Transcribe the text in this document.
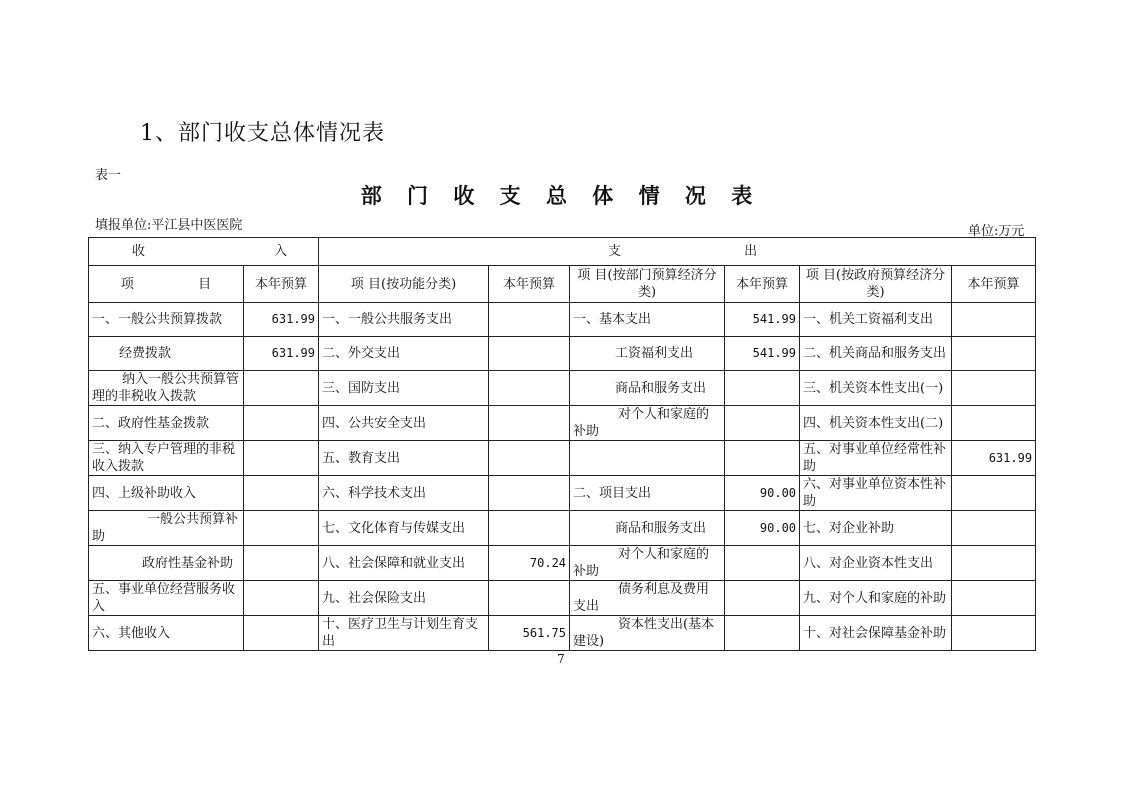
1、部门收支总体情况表
表一
部 门 收 支 总 体 情 况 表
填报单位:平江县中医医院	单位:万元
收 入		支 出					
项 目	本年预算	项 目(按功能分类)	本年预算	项 目(按部门预算经济分类)	本年预算	项 目(按政府预算经济分类)	本年预算
一、一般公共预算拨款	631.99	一、一般公共服务支出		一、基本支出	541.99	一、机关工资福利支出	
经费拨款	631.99	二、外交支出		工资福利支出	541.99	二、机关商品和服务支出	
纳入一般公共预算管理的非税收入拨款		三、国防支出		商品和服务支出		三、机关资本性支出(一)	
二、政府性基金拨款		四、公共安全支出		对个人和家庭的补助		四、机关资本性支出(二)	
三、纳入专户管理的非税收入拨款		五、教育支出				五、对事业单位经常性补助	631.99
四、上级补助收入		六、科学技术支出		二、项目支出	90.00	六、对事业单位资本性补助	
一般公共预算补助		七、文化体育与传媒支出		商品和服务支出	90.00	七、对企业补助	
政府性基金补助		八、社会保障和就业支出	70.24	对个人和家庭的补助		八、对企业资本性支出	
五、事业单位经营服务收入		九、社会保险支出		债务利息及费用支出		九、对个人和家庭的补助	
六、其他收入		十、医疗卫生与计划生育支出	561.75	资本性支出(基本建设)		十、对社会保障基金补助	
7
